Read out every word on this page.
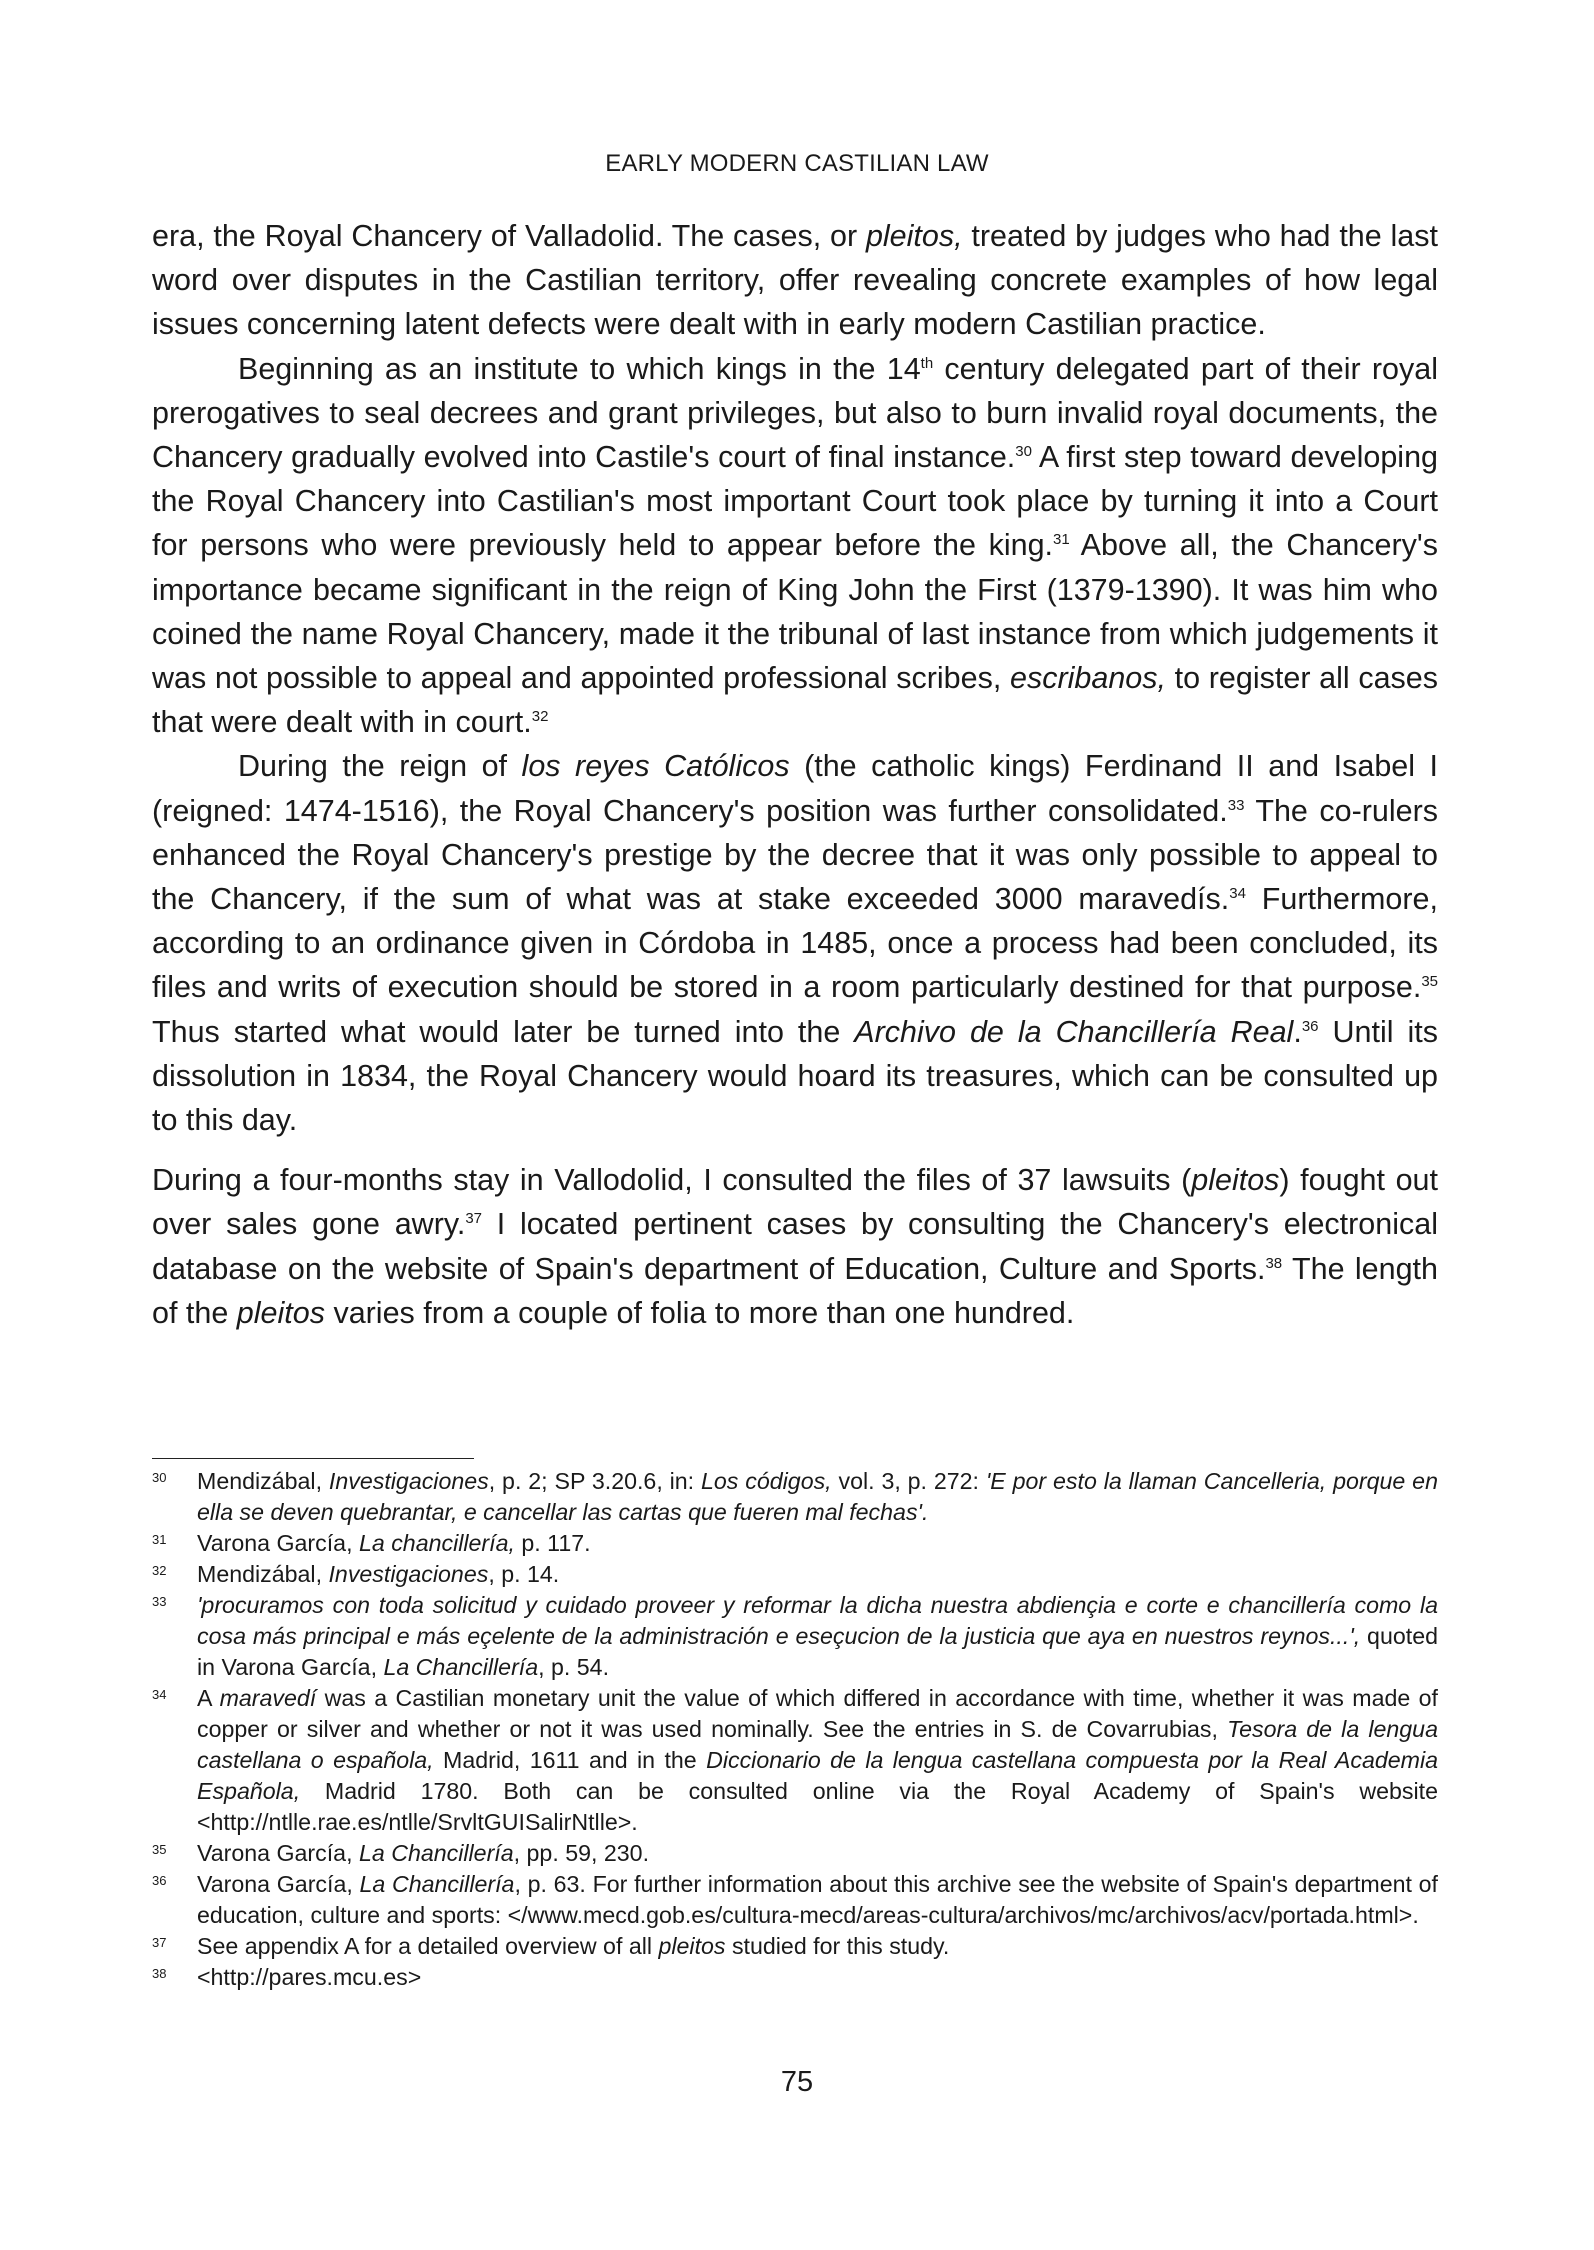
EARLY MODERN CASTILIAN LAW

era, the Royal Chancery of Valladolid. The cases, or pleitos, treated by judges who had the last word over disputes in the Castilian territory, offer revealing concrete examples of how legal issues concerning latent defects were dealt with in early modern Castilian practice.

Beginning as an institute to which kings in the 14th century delegated part of their royal prerogatives to seal decrees and grant privileges, but also to burn invalid royal documents, the Chancery gradually evolved into Castile's court of final instance.$^{30}$ A first step toward developing the Royal Chancery into Castilian's most important Court took place by turning it into a Court for persons who were previously held to appear before the king.$^{31}$ Above all, the Chancery's importance became significant in the reign of King John the First (1379-1390). It was him who coined the name Royal Chancery, made it the tribunal of last instance from which judgements it was not possible to appeal and appointed professional scribes, escribanos, to register all cases that were dealt with in court.$^{32}$

During the reign of los reyes Católicos (the catholic kings) Ferdinand II and Isabel I (reigned: 1474-1516), the Royal Chancery's position was further consolidated.$^{33}$ The co-rulers enhanced the Royal Chancery's prestige by the decree that it was only possible to appeal to the Chancery, if the sum of what was at stake exceeded 3000 maravedís.$^{34}$ Furthermore, according to an ordinance given in Córdoba in 1485, once a process had been concluded, its files and writs of execution should be stored in a room particularly destined for that purpose.$^{35}$ Thus started what would later be turned into the Archivo de la Chancillería Real.$^{36}$ Until its dissolution in 1834, the Royal Chancery would hoard its treasures, which can be consulted up to this day.

During a four-months stay in Vallodolid, I consulted the files of 37 lawsuits (pleitos) fought out over sales gone awry.$^{37}$ I located pertinent cases by consulting the Chancery's electronical database on the website of Spain's department of Education, Culture and Sports.$^{38}$ The length of the pleitos varies from a couple of folia to more than one hundred.

30 Mendizábal, Investigaciones, p. 2; SP 3.20.6, in: Los códigos, vol. 3, p. 272: 'E por esto la llaman Cancelleria, porque en ella se deven quebrantar, e cancellar las cartas que fueren mal fechas'.

31 Varona García, La chancillería, p. 117.

32 Mendizábal, Investigaciones, p. 14.

33 'procuramos con toda solicitud y cuidado proveer y reformar la dicha nuestra abdiençia e corte e chancillería como la cosa más principal e más eçelente de la administración e eseçucion de la justicia que aya en nuestros reynos...', quoted in Varona García, La Chancillería, p. 54.

34 A maravedí was a Castilian monetary unit the value of which differed in accordance with time, whether it was made of copper or silver and whether or not it was used nominally. See the entries in S. de Covarrubias, Tesora de la lengua castellana o española, Madrid, 1611 and in the Diccionario de la lengua castellana compuesta por la Real Academia Española, Madrid 1780. Both can be consulted online via the Royal Academy of Spain's website <http://ntlle.rae.es/ntlle/SrvltGUISalirNtlle>.

35 Varona García, La Chancillería, pp. 59, 230.

36 Varona García, La Chancillería, p. 63. For further information about this archive see the website of Spain's department of education, culture and sports: </www.mecd.gob.es/cultura-mecd/areas-cultura/archivos/mc/archivos/acv/portada.html>.

37 See appendix A for a detailed overview of all pleitos studied for this study.

38 <http://pares.mcu.es>

75
